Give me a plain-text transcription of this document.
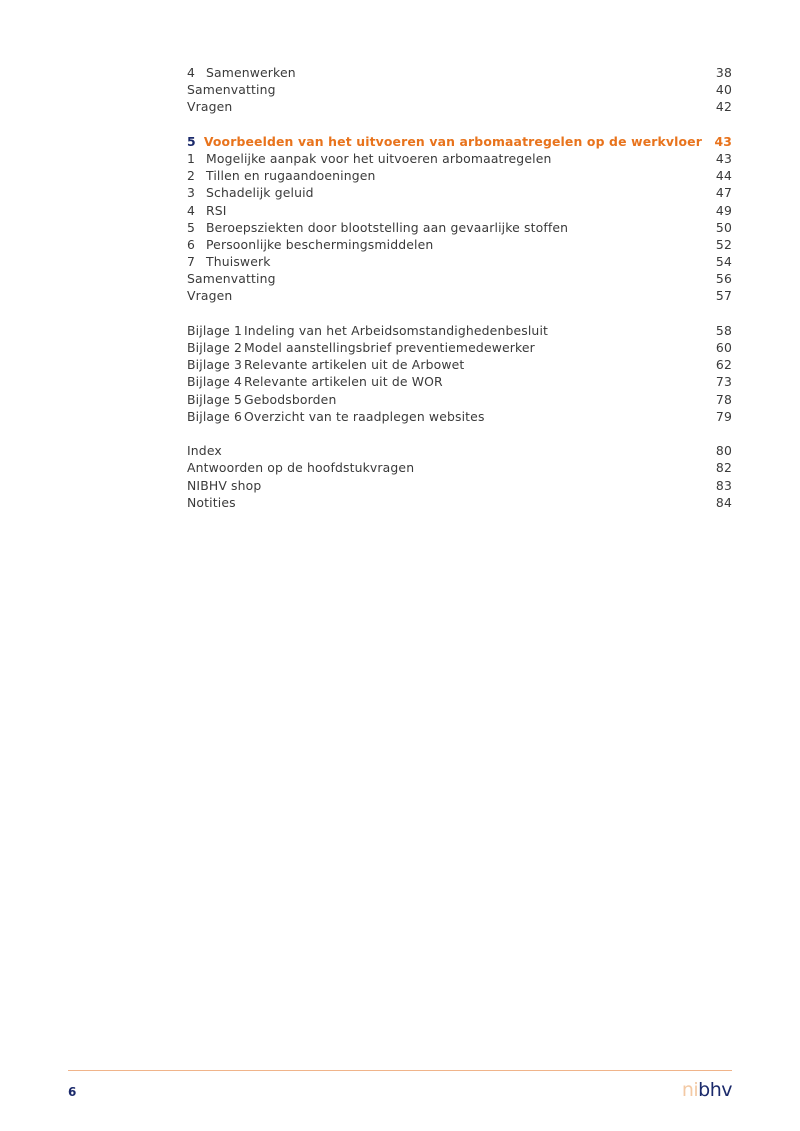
4 Samenwerken	38
Samenvatting	40
Vragen	42
5 Voorbeelden van het uitvoeren van arbomaatregelen op de werkvloer	43
1 Mogelijke aanpak voor het uitvoeren arbomaatregelen	43
2 Tillen en rugaandoeningen	44
3 Schadelijk geluid	47
4 RSI	49
5 Beroepsziekten door blootstelling aan gevaarlijke stoffen	50
6 Persoonlijke beschermingsmiddelen	52
7 Thuiswerk	54
Samenvatting	56
Vragen	57
Bijlage 1 Indeling van het Arbeidsomstandighedenbesluit	58
Bijlage 2 Model aanstellingsbrief preventiemedewerker	60
Bijlage 3 Relevante artikelen uit de Arbowet	62
Bijlage 4 Relevante artikelen uit de WOR	73
Bijlage 5 Gebodsborden	78
Bijlage 6 Overzicht van te raadplegen websites	79
Index	80
Antwoorden op de hoofdstukvragen	82
NIBHV shop	83
Notities	84
6	nibhv
